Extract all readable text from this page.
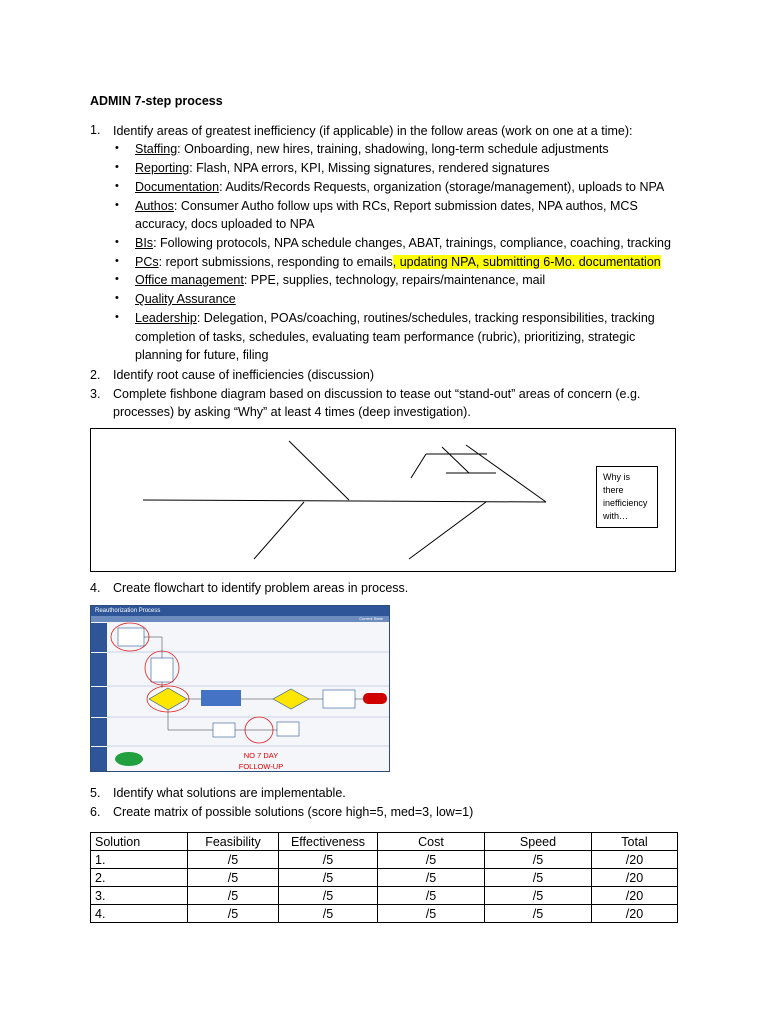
ADMIN 7-step process
1. Identify areas of greatest inefficiency (if applicable) in the follow areas (work on one at a time):
• Staffing: Onboarding, new hires, training, shadowing, long-term schedule adjustments
• Reporting: Flash, NPA errors, KPI, Missing signatures, rendered signatures
• Documentation: Audits/Records Requests, organization (storage/management), uploads to NPA
• Authos: Consumer Autho follow ups with RCs, Report submission dates, NPA authos, MCS
accuracy, docs uploaded to NPA
• BIs: Following protocols, NPA schedule changes, ABAT, trainings, compliance, coaching, tracking
• PCs: report submissions, responding to emails, updating NPA, submitting 6-Mo. documentation
• Office management: PPE, supplies, technology, repairs/maintenance, mail
• Quality Assurance
• Leadership: Delegation, POAs/coaching, routines/schedules, tracking responsibilities, tracking
completion of tasks, schedules, evaluating team performance (rubric), prioritizing, strategic
planning for future, filing
2. Identify root cause of inefficiencies (discussion)
3. Complete fishbone diagram based on discussion to tease out “stand-out” areas of concern (e.g.
processes) by asking “Why” at least 4 times (deep investigation).
Why is there inefficiency with…
4. Create flowchart to identify problem areas in process.
Reauthorization Process
Current State
NO 7 DAY FOLLOW-UP
5. Identify what solutions are implementable.
6. Create matrix of possible solutions (score high=5, med=3, low=1)
Solution	Feasibility	Effectiveness	Cost	Speed	Total
1.	/5	/5	/5	/5	/20
2.	/5	/5	/5	/5	/20
3.	/5	/5	/5	/5	/20
4.	/5	/5	/5	/5	/20
